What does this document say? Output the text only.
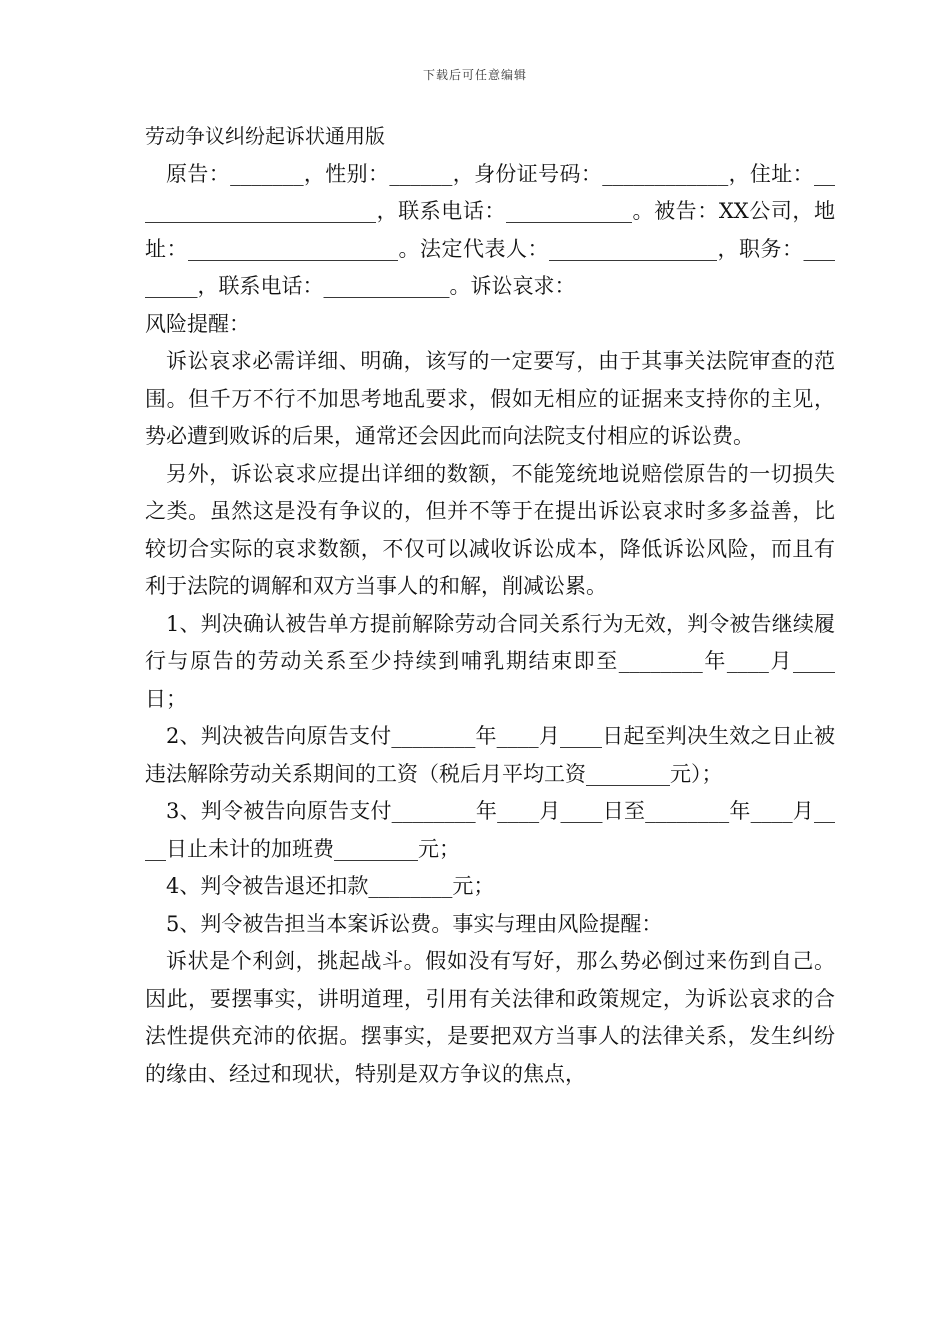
下载后可任意编辑
劳动争议纠纷起诉状通用版

原告：_______，性别：______，身份证号码：____________，住址：________________________，联系电话：____________。被告：XX公司，地址：____________________。法定代表人：________________，职务：________，联系电话：____________。诉讼哀求：

风险提醒：

诉讼哀求必需详细、明确，该写的一定要写，由于其事关法院审查的范围。但千万不行不加思考地乱要求，假如无相应的证据来支持你的主见，势必遭到败诉的后果，通常还会因此而向法院支付相应的诉讼费。

另外，诉讼哀求应提出详细的数额，不能笼统地说赔偿原告的一切损失之类。虽然这是没有争议的，但并不等于在提出诉讼哀求时多多益善，比较切合实际的哀求数额，不仅可以减收诉讼成本，降低诉讼风险，而且有利于法院的调解和双方当事人的和解，削减讼累。

1、判决确认被告单方提前解除劳动合同关系行为无效，判令被告继续履行与原告的劳动关系至少持续到哺乳期结束即至________年____月____日；

2、判决被告向原告支付________年____月____日起至判决生效之日止被违法解除劳动关系期间的工资（税后月平均工资________元）；

3、判令被告向原告支付________年____月____日至________年____月____日止未计的加班费________元；

4、判令被告退还扣款________元；

5、判令被告担当本案诉讼费。事实与理由风险提醒：

诉状是个利剑，挑起战斗。假如没有写好，那么势必倒过来伤到自己。因此，要摆事实，讲明道理，引用有关法律和政策规定，为诉讼哀求的合法性提供充沛的依据。摆事实，是要把双方当事人的法律关系，发生纠纷的缘由、经过和现状，特别是双方争议的焦点，
